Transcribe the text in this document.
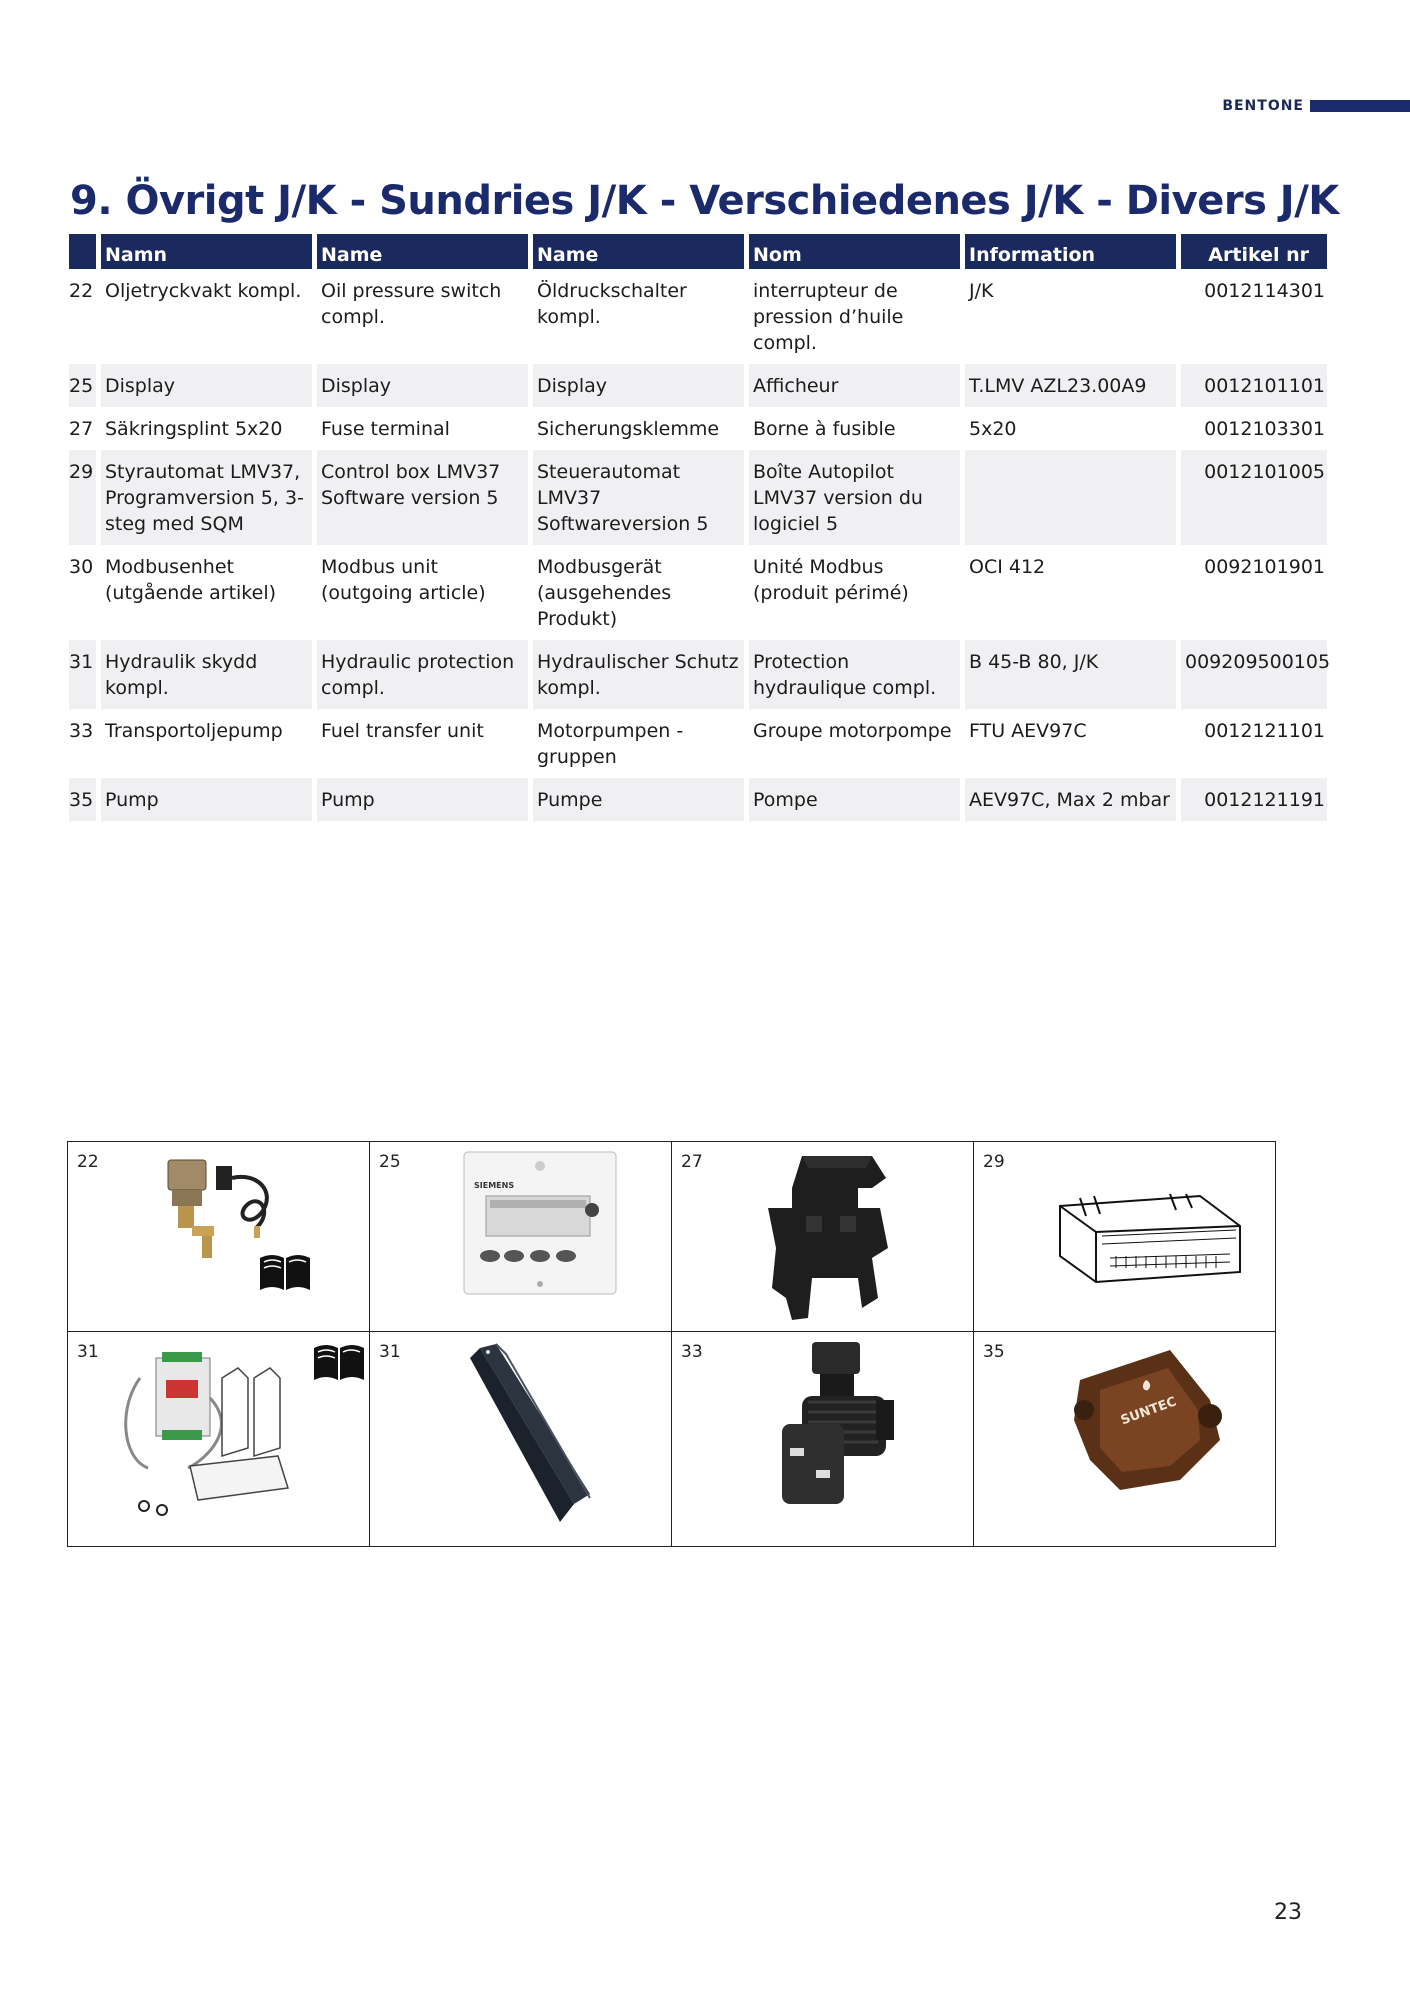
BENTONE
9. Övrigt J/K - Sundries J/K - Verschiedenes J/K - Divers J/K
	Namn	Name	Name	Nom	Information	Artikel nr
22	Oljetryckvakt kompl.	Oil pressure switch compl.	Öldruckschalter kompl.	interrupteur de pression d’huile compl.	J/K	0012114301
25	Display	Display	Display	Afficheur	T.LMV AZL23.00A9	0012101101
27	Säkringsplint 5x20	Fuse terminal	Sicherungsklemme	Borne à fusible	5x20	0012103301
29	Styrautomat LMV37, Programversion 5, 3-steg med SQM	Control box LMV37 Software version 5	Steuerautomat LMV37 Softwareversion 5	Boîte Autopilot LMV37 version du logiciel 5		0012101005
30	Modbusenhet (utgående artikel)	Modbus unit (outgoing article)	Modbusgerät (ausgehendes Produkt)	Unité Modbus (produit périmé)	OCI 412	0092101901
31	Hydraulik skydd kompl.	Hydraulic protection compl.	Hydraulischer Schutz kompl.	Protection hydraulique compl.	B 45-B 80, J/K	009209500105
33	Transportoljepump	Fuel transfer unit	Motorpumpen -gruppen	Groupe motorpompe	FTU AEV97C	0012121101
35	Pump	Pump	Pumpe	Pompe	AEV97C, Max 2 mbar	0012121191
22	25
SIEMENS
27	29
31	31	33	35
SUNTEC
23
